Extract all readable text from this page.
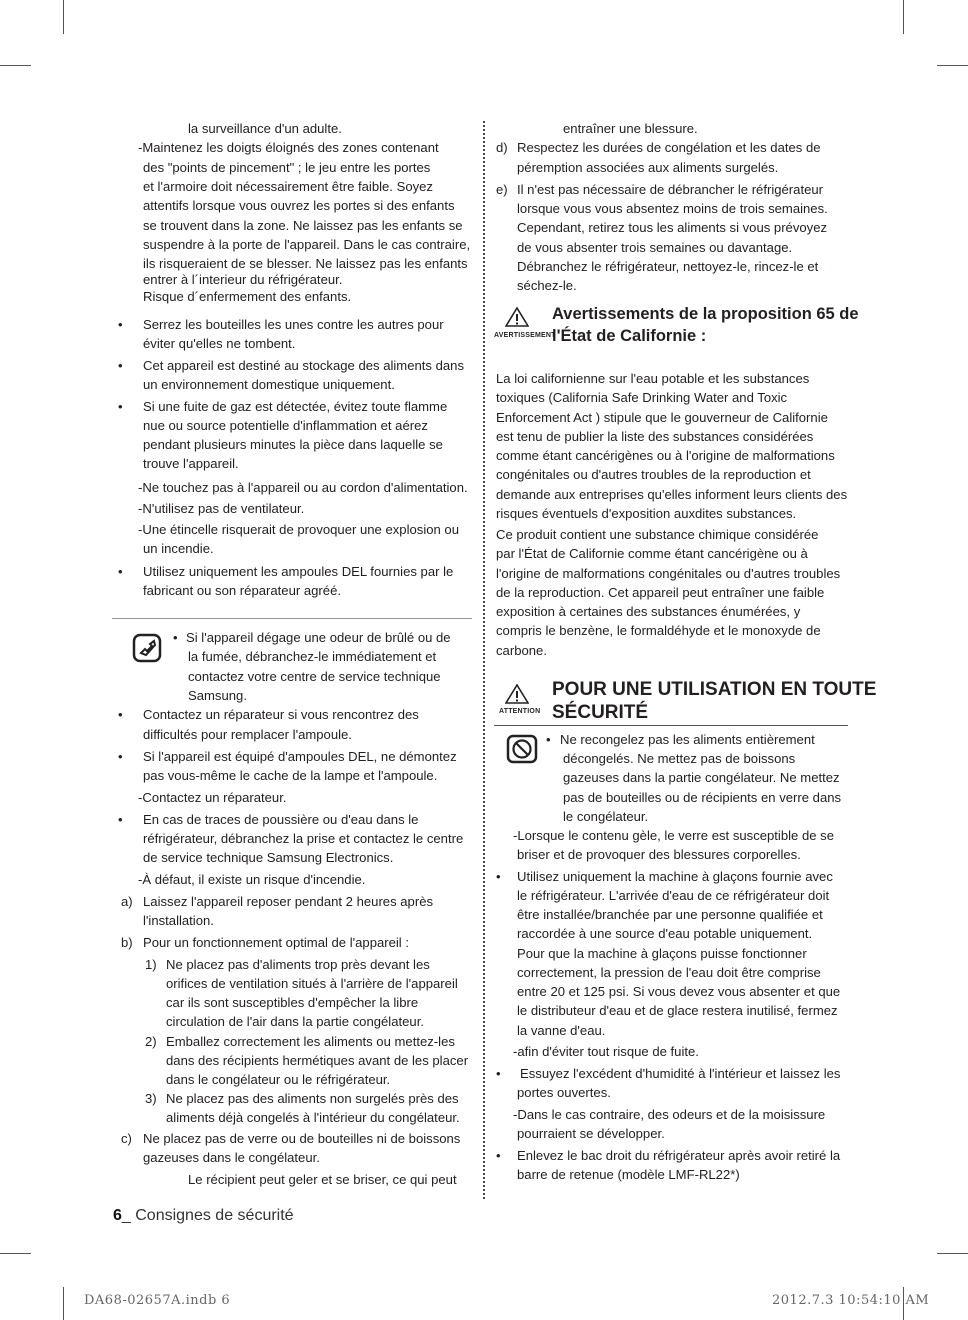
la surveillance d'un adulte.
-Maintenez les doigts éloignés des zones contenant
des "points de pincement" ; le jeu entre les portes
et l'armoire doit nécessairement être faible. Soyez
attentifs lorsque vous ouvrez les portes si des enfants
se trouvent dans la zone. Ne laissez pas les enfants se
suspendre à la porte de l'appareil. Dans le cas contraire,
ils risqueraient de se blesser. Ne laissez pas les enfants
entrer à l´interieur du réfrigérateur.
Risque d´enfermement des enfants.
• Serrez les bouteilles les unes contre les autres pour
éviter qu'elles ne tombent.
• Cet appareil est destiné au stockage des aliments dans
un environnement domestique uniquement.
• Si une fuite de gaz est détectée, évitez toute flamme
nue ou source potentielle d'inflammation et aérez
pendant plusieurs minutes la pièce dans laquelle se
trouve l'appareil.
-Ne touchez pas à l'appareil ou au cordon d'alimentation.
-N'utilisez pas de ventilateur.
-Une étincelle risquerait de provoquer une explosion ou
un incendie.
• Utilisez uniquement les ampoules DEL fournies par le
fabricant ou son réparateur agréé.
• Si l'appareil dégage une odeur de brûlé ou de
la fumée, débranchez-le immédiatement et
contactez votre centre de service technique
Samsung.
• Contactez un réparateur si vous rencontrez des
difficultés pour remplacer l'ampoule.
• Si l'appareil est équipé d'ampoules DEL, ne démontez
pas vous-même le cache de la lampe et l'ampoule.
-Contactez un réparateur.
• En cas de traces de poussière ou d'eau dans le
réfrigérateur, débranchez la prise et contactez le centre
de service technique Samsung Electronics.
-À défaut, il existe un risque d'incendie.
a) Laissez l'appareil reposer pendant 2 heures après
l'installation.
b) Pour un fonctionnement optimal de l'appareil :
1) Ne placez pas d'aliments trop près devant les
orifices de ventilation situés à l'arrière de l'appareil
car ils sont susceptibles d'empêcher la libre
circulation de l'air dans la partie congélateur.
2) Emballez correctement les aliments ou mettez-les
dans des récipients hermétiques avant de les placer
dans le congélateur ou le réfrigérateur.
3) Ne placez pas des aliments non surgelés près des
aliments déjà congelés à l'intérieur du congélateur.
c) Ne placez pas de verre ou de bouteilles ni de boissons
gazeuses dans le congélateur.
Le récipient peut geler et se briser, ce qui peut
entraîner une blessure.
d) Respectez les durées de congélation et les dates de
péremption associées aux aliments surgelés.
e) Il n'est pas nécessaire de débrancher le réfrigérateur
lorsque vous vous absentez moins de trois semaines.
Cependant, retirez tous les aliments si vous prévoyez
de vous absenter trois semaines ou davantage.
Débranchez le réfrigérateur, nettoyez-le, rincez-le et
séchez-le.
La loi californienne sur l'eau potable et les substances
toxiques (California Safe Drinking Water and Toxic
Enforcement Act ) stipule que le gouverneur de Californie
est tenu de publier la liste des substances considérées
comme étant cancérigènes ou à l'origine de malformations
congénitales ou d'autres troubles de la reproduction et
demande aux entreprises qu'elles informent leurs clients des
risques éventuels d'exposition auxdites substances.
Ce produit contient une substance chimique considérée
par l'État de Californie comme étant cancérigène ou à
l'origine de malformations congénitales ou d'autres troubles
de la reproduction. Cet appareil peut entraîner une faible
exposition à certaines des substances énumérées, y
compris le benzène, le formaldéhyde et le monoxyde de
carbone.
• Ne recongelez pas les aliments entièrement
décongelés. Ne mettez pas de boissons
gazeuses dans la partie congélateur. Ne mettez
pas de bouteilles ou de récipients en verre dans
le congélateur.
-Lorsque le contenu gèle, le verre est susceptible de se
briser et de provoquer des blessures corporelles.
• Utilisez uniquement la machine à glaçons fournie avec
le réfrigérateur. L'arrivée d'eau de ce réfrigérateur doit
être installée/branchée par une personne qualifiée et
raccordée à une source d'eau potable uniquement.
Pour que la machine à glaçons puisse fonctionner
correctement, la pression de l'eau doit être comprise
entre 20 et 125 psi. Si vous devez vous absenter et que
le distributeur d'eau et de glace restera inutilisé, fermez
la vanne d'eau.
-afin d'éviter tout risque de fuite.
• Essuyez l'excédent d'humidité à l'intérieur et laissez les
portes ouvertes.
-Dans le cas contraire, des odeurs et de la moisissure
pourraient se développer.
• Enlevez le bac droit du réfrigérateur après avoir retiré la
barre de retenue (modèle LMF-RL22*)
AVERTISSEMENT
Avertissements de la proposition 65 de
l'État de Californie :
ATTENTION
POUR UNE UTILISATION EN TOUTE
SÉCURITÉ
6_ Consignes de sécurité
DA68-02657A.indb 6	2012.7.3 10:54:10 AM
